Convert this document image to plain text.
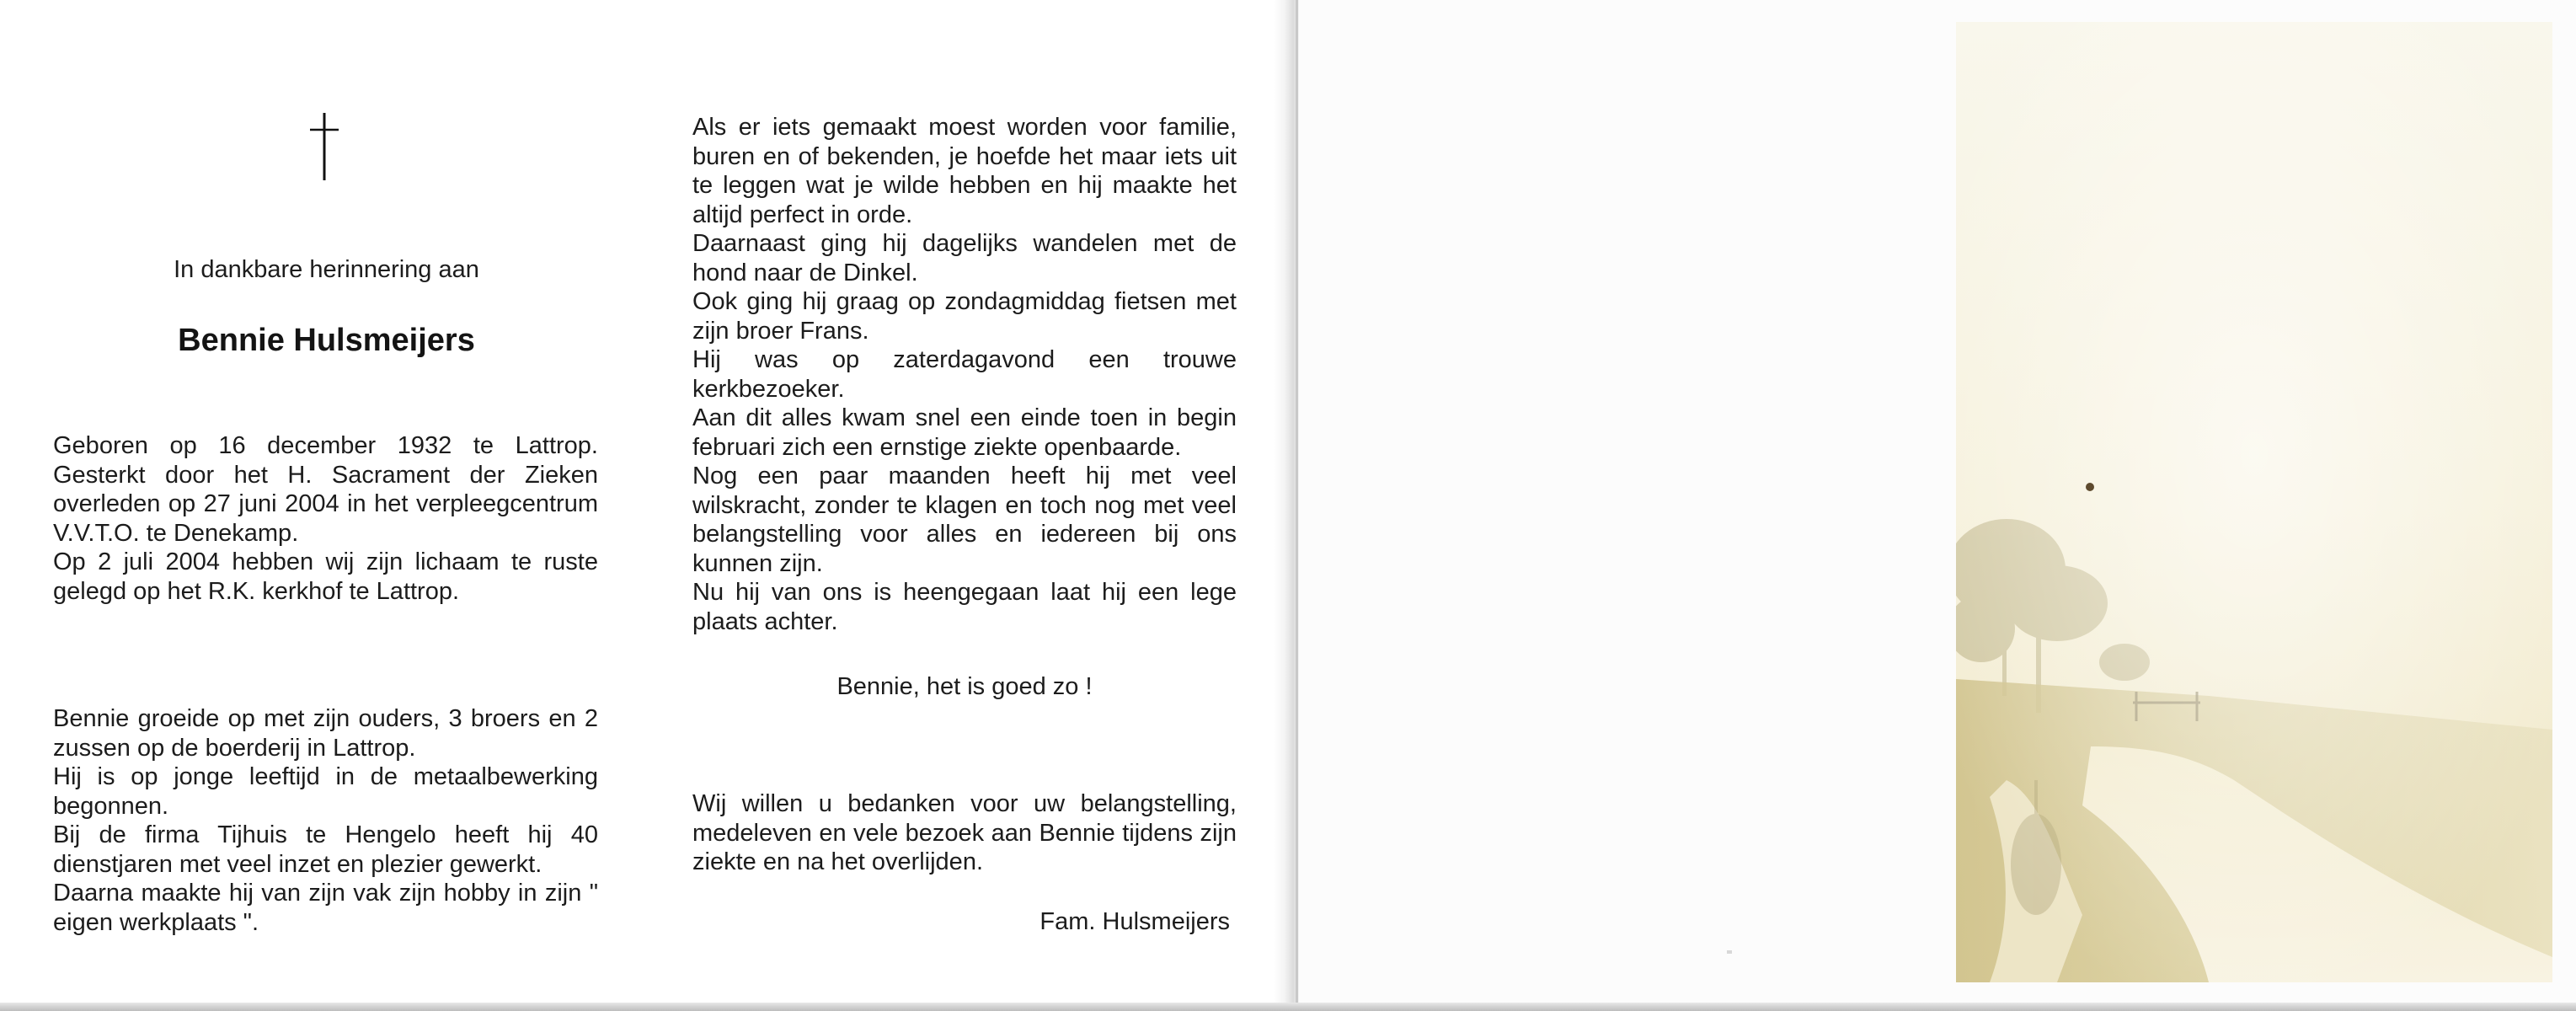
In dankbare herinnering aan
Bennie Hulsmeijers

Geboren op 16 december 1932 te Lattrop. Gesterkt door het H. Sacrament der Zieken overleden op 27 juni 2004 in het verpleegcentrum V.V.T.O. te Denekamp.

Op 2 juli 2004 hebben wij zijn lichaam te ruste gelegd op het R.K. kerkhof te Lattrop.

Bennie groeide op met zijn ouders, 3 broers en 2 zussen op de boerderij in Lattrop.

Hij is op jonge leeftijd in de metaalbewerking begonnen.

Bij de firma Tijhuis te Hengelo heeft hij 40 dienstjaren met veel inzet en plezier gewerkt.

Daarna maakte hij van zijn vak zijn hobby in zijn " eigen werkplaats ".

Als er iets gemaakt moest worden voor familie, buren en of bekenden, je hoefde het maar iets uit te leggen wat je wilde hebben en hij maakte het altijd perfect in orde.

Daarnaast ging hij dagelijks wandelen met de hond naar de Dinkel.

Ook ging hij graag op zondagmiddag fietsen met zijn broer Frans.

Hij was op zaterdagavond een trouwe kerkbezoeker.

Aan dit alles kwam snel een einde toen in begin februari zich een ernstige ziekte openbaarde.

Nog een paar maanden heeft hij met veel wilskracht, zonder te klagen en toch nog met veel belangstelling voor alles en iedereen bij ons kunnen zijn.

Nu hij van ons is heengegaan laat hij een lege plaats achter.

Bennie, het is goed zo !

Wij willen u bedanken voor uw belangstelling, medeleven en vele bezoek aan Bennie tijdens zijn ziekte en na het overlijden.

Fam. Hulsmeijers
